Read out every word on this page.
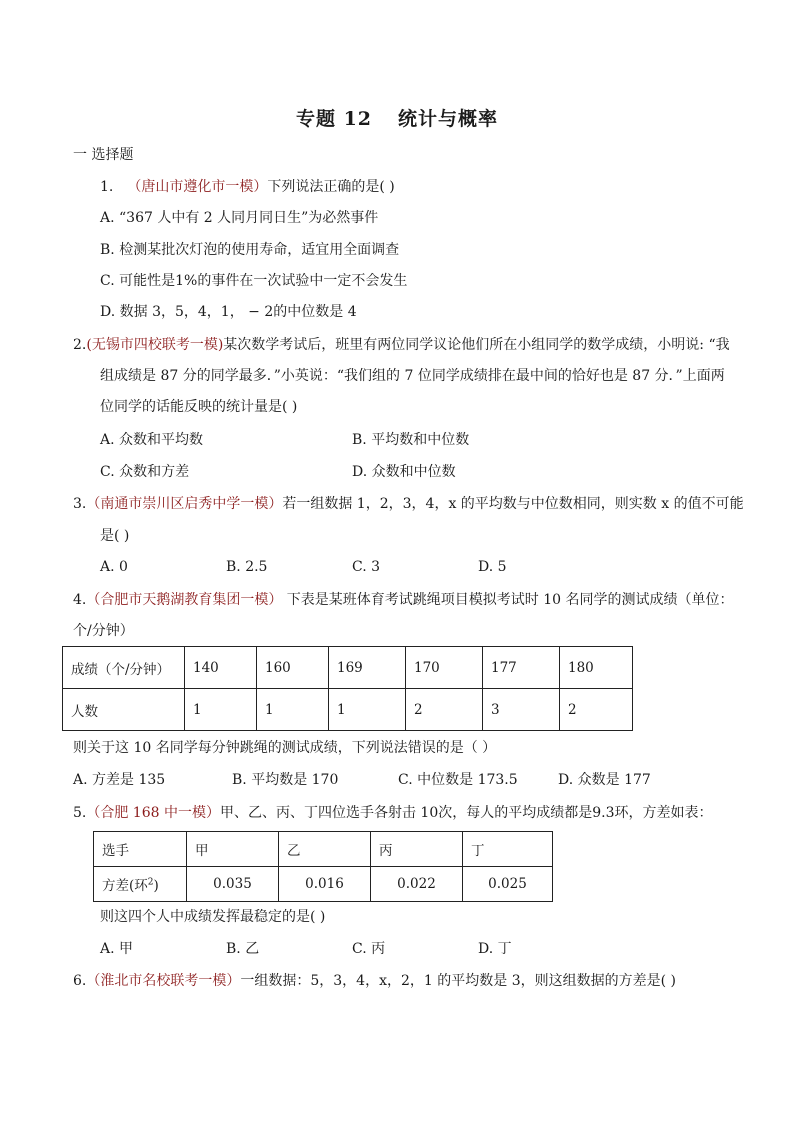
专题 12 统计与概率
一 选择题
1. （唐山市遵化市一模）下列说法正确的是( )
A. “367 人中有 2 人同月同日生”为必然事件
B. 检测某批次灯泡的使用寿命，适宜用全面调查
C. 可能性是1%的事件在一次试验中一定不会发生
D. 数据 3，5，4，1， − 2的中位数是 4
2.(无锡市四校联考一模)某次数学考试后，班里有两位同学议论他们所在小组同学的数学成绩，小明说: “我
组成绩是 87 分的同学最多．”小英说：“我们组的 7 位同学成绩排在最中间的恰好也是 87 分．”上面两
位同学的话能反映的统计量是( )
A. 众数和平均数	B. 平均数和中位数
C. 众数和方差	D. 众数和中位数
3.（南通市崇川区启秀中学一模）若一组数据 1，2，3，4，x 的平均数与中位数相同，则实数 x 的值不可能
是( )
A. 0	B. 2.5	C. 3	D. 5
4.（合肥市天鹅湖教育集团一模） 下表是某班体育考试跳绳项目模拟考试时 10 名同学的测试成绩（单位：
个/分钟）
成绩（个/分钟）	140	160	169	170	177	180
人数	1	1	1	2	3	2
则关于这 10 名同学每分钟跳绳的测试成绩，下列说法错误的是（ ）
A. 方差是 135	B. 平均数是 170	C. 中位数是 173.5	D. 众数是 177
5.（合肥 168 中一模）甲、乙、丙、丁四位选手各射击 10次，每人的平均成绩都是9.3环，方差如表：
选手	甲	乙	丙	丁
方差(环$^2$)	0.035	0.016	0.022	0.025
则这四个人中成绩发挥最稳定的是( )
A. 甲	B. 乙	C. 丙	D. 丁
6.（淮北市名校联考一模）一组数据：5，3，4，x，2，1 的平均数是 3，则这组数据的方差是( )
